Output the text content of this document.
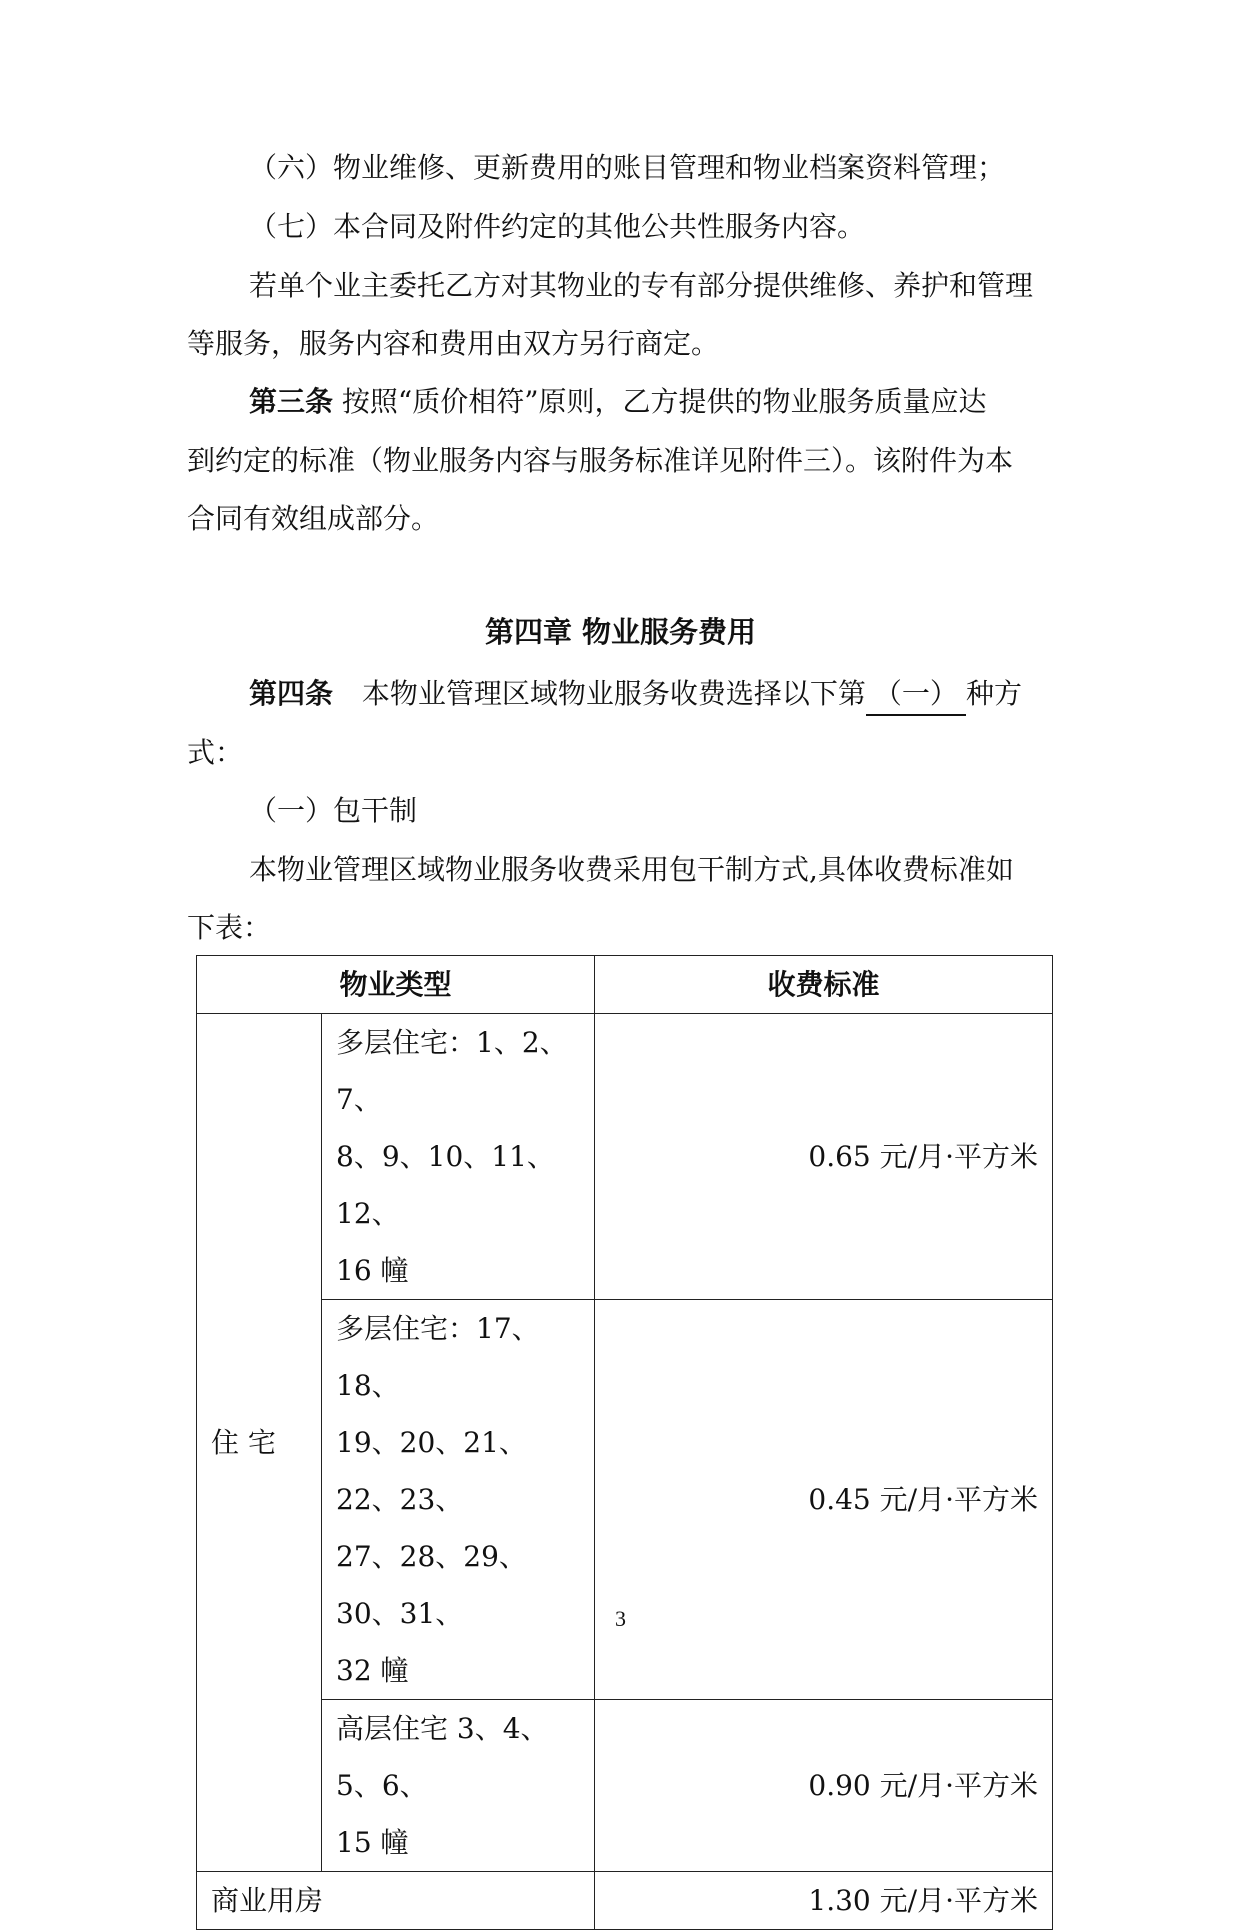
（六）物业维修、更新费用的账目管理和物业档案资料管理；
（七）本合同及附件约定的其他公共性服务内容。
若单个业主委托乙方对其物业的专有部分提供维修、养护和管理
等服务，服务内容和费用由双方另行商定。
第三条 按照“质价相符”原则，乙方提供的物业服务质量应达
到约定的标准（物业服务内容与服务标准详见附件三）。该附件为本
合同有效组成部分。
第四章 物业服务费用
第四条 本物业管理区域物业服务收费选择以下第 （一） 种方
式：
（一）包干制
本物业管理区域物业服务收费采用包干制方式,具体收费标准如
下表：
物业类型		收费标准
住 宅	多层住宅：1、2、7、
8、9、10、11、12、
16 幢	0.65 元/月·平方米

	多层住宅：17、18、
19、20、21、22、23、
27、28、29、30、31、
32 幢	0.45 元/月·平方米

	高层住宅 3、4、5、6、
15 幢	0.90 元/月·平方米
商业用房		1.30 元/月·平方米
3
